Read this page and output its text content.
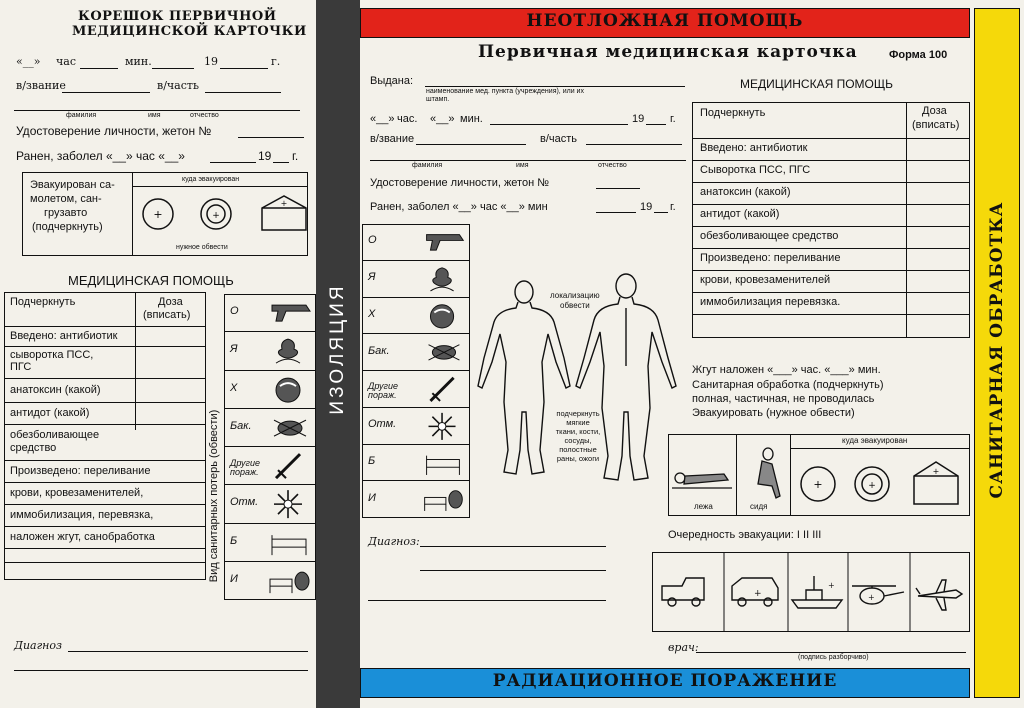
КОРЕШОК ПЕРВИЧНОЙ
МЕДИЦИНСКОЙ КАРТОЧКИ
«__» час	мин.	19	г.
в/звание	в/часть
фамилия	имя	отчество
Удостоверение личности, жетон №
Ранен, заболел «__» час «__»	19 г.
Эвакуирован са-
молетом, сан-
грузавто
(подчеркнуть)
куда эвакуирован
нужное обвести
+	+
+
МЕДИЦИНСКАЯ ПОМОЩЬ
Подчеркнуть	Доза
(вписать)
Введено: антибиотик
сыворотка ПСС,
ПГС
анатоксин (какой)
антидот (какой)
обезболивающее
средство
Произведено: переливание
крови, кровезаменителей,
иммобилизация, перевязка,
наложен жгут, санобработка	Вид санитарных потерь (обвести)
О
Я
Х
Бак.
Другие пораж.
Отм.
Б
И
Диагноз
ИЗОЛЯЦИЯ
НЕОТЛОЖНАЯ ПОМОЩЬ
РАДИАЦИОННОЕ ПОРАЖЕНИЕ
САНИТАРНАЯ ОБРАБОТКА
Первичная медицинская карточка	Форма 100
Выдана:
наименование мед. пункта (учреждения), или их
штамп.
МЕДИЦИНСКАЯ ПОМОЩЬ
«__» час. «__» мин.	19 г.
в/звание	в/часть
фамилия	имя	отчество
Удостоверение личности, жетон №
Ранен, заболел «__» час «__» мин	19 г.
О
Я
Х
Бак.
Другие пораж.
Отм.
Б
И
локализацию
обвести
подчеркнуть
мягкие
ткани, кости,
сосуды,
полостные
раны, ожоги
Подчеркнуть	Доза
(вписать)
Введено: антибиотик
Сыворотка ПСС, ПГС
анатоксин (какой)
антидот (какой)
обезболивающее средство
Произведено: переливание
крови, кровезаменителей
иммобилизация перевязка.
Жгут наложен «___» час. «___» мин.
Санитарная обработка (подчеркнуть)
полная, частичная, не проводилась
Эвакуировать (нужное обвести)
куда эвакуирован
лежа	сидя
+	+
+
Очередность эвакуации: I II III
+
+
+
Диагноз:
врач:
(подпись разборчиво)
